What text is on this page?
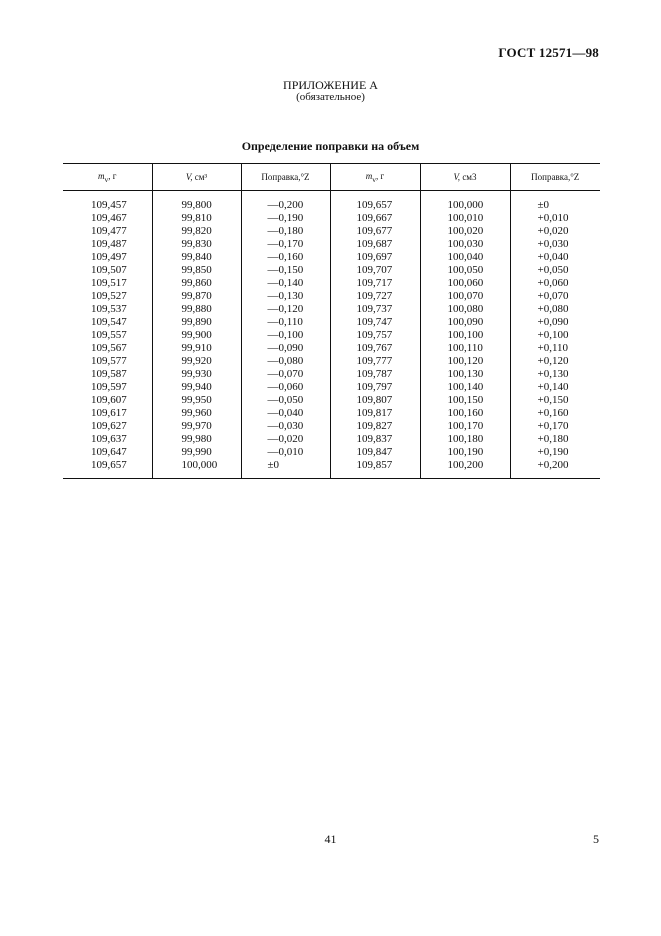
ГОСТ 12571—98
ПРИЛОЖЕНИЕ А
(обязательное)
Определение поправки на объем
$m_v$, г	V, см³	Поправка,°Z	$m_v$, г	V, см3	Поправка,°Z
109,457	99,800	—0,200	109,657	100,000	±0
109,467	99,810	—0,190	109,667	100,010	+0,010
109,477	99,820	—0,180	109,677	100,020	+0,020
109,487	99,830	—0,170	109,687	100,030	+0,030
109,497	99,840	—0,160	109,697	100,040	+0,040
109,507	99,850	—0,150	109,707	100,050	+0,050
109,517	99,860	—0,140	109,717	100,060	+0,060
109,527	99,870	—0,130	109,727	100,070	+0,070
109,537	99,880	—0,120	109,737	100,080	+0,080
109,547	99,890	—0,110	109,747	100,090	+0,090
109,557	99,900	—0,100	109,757	100,100	+0,100
109,567	99,910	—0,090	109,767	100,110	+0,110
109,577	99,920	—0,080	109,777	100,120	+0,120
109,587	99,930	—0,070	109,787	100,130	+0,130
109,597	99,940	—0,060	109,797	100,140	+0,140
109,607	99,950	—0,050	109,807	100,150	+0,150
109,617	99,960	—0,040	109,817	100,160	+0,160
109,627	99,970	—0,030	109,827	100,170	+0,170
109,637	99,980	—0,020	109,837	100,180	+0,180
109,647	99,990	—0,010	109,847	100,190	+0,190
109,657	100,000	±0	109,857	100,200	+0,200
41	5
